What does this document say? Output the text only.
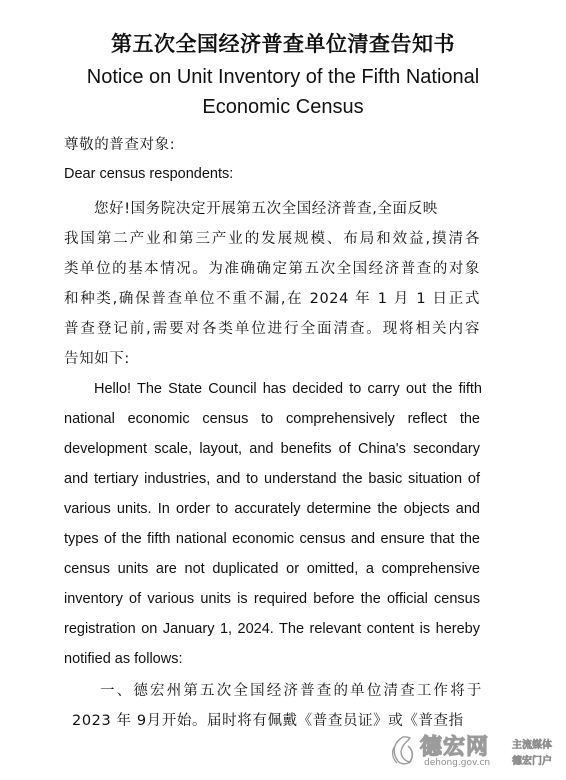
第五次全国经济普查单位清查告知书
Notice on Unit Inventory of the Fifth National
Economic Census
尊敬的普查对象:
Dear census respondents:
您好!国务院决定开展第五次全国经济普查,全面反映
我国第二产业和第三产业的发展规模、布局和效益,摸清各
类单位的基本情况。为准确确定第五次全国经济普查的对象
和种类,确保普查单位不重不漏,在 2024 年 1 月 1 日正式
普查登记前,需要对各类单位进行全面清查。现将相关内容
告知如下:
Hello! The State Council has decided to carry out the fifth
national economic census to comprehensively reflect the
development scale, layout, and benefits of China's secondary
and tertiary industries, and to understand the basic situation of
various units. In order to accurately determine the objects and
types of the fifth national economic census and ensure that the
census units are not duplicated or omitted, a comprehensive
inventory of various units is required before the official census
registration on January 1, 2024. The relevant content is hereby
notified as follows:
一、德宏州第五次全国经济普查的单位清查工作将于
2023 年 9月开始。届时将有佩戴《普查员证》或《普查指
德宏网
dehong.gov.cn
主流媒体
德宏门户
